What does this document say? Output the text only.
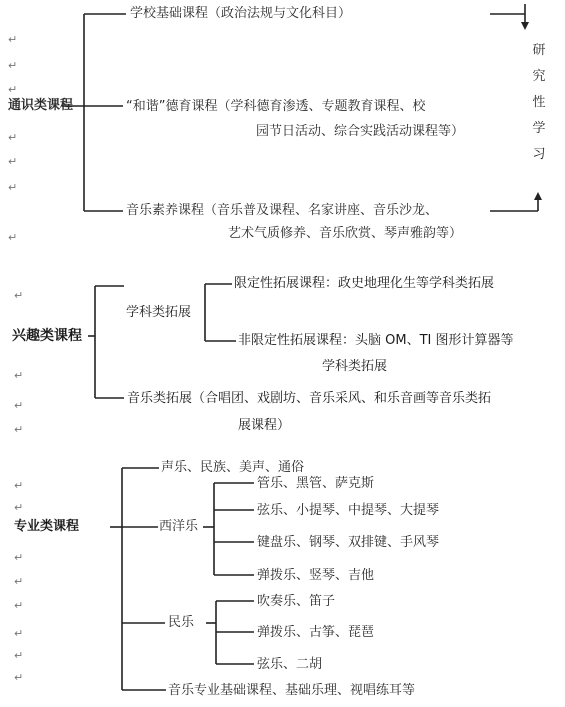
通识类课程
学校基础课程（政治法规与文化科目）
“和谐”德育课程（学科德育渗透、专题教育课程、校
园节日活动、综合实践活动课程等）
音乐素养课程（音乐普及课程、名家讲座、音乐沙龙、
艺术气质修养、音乐欣赏、琴声雅韵等）
研
究
性
学
习
兴趣类课程
学科类拓展
限定性拓展课程：政史地理化生等学科类拓展
非限定性拓展课程：头脑 OM、TI 图形计算器等
学科类拓展
音乐类拓展（合唱团、戏剧坊、音乐采风、和乐音画等音乐类拓
展课程）
专业类课程
声乐、民族、美声、通俗
西洋乐
管乐、黑管、萨克斯
弦乐、小提琴、中提琴、大提琴
键盘乐、钢琴、双排键、手风琴
弹拨乐、竖琴、吉他
民乐
吹奏乐、笛子
弹拨乐、古筝、琵琶
弦乐、二胡
音乐专业基础课程、基础乐理、视唱练耳等
↵
↵
↵
↵
↵
↵
↵
↵
↵
↵
↵
↵
↵
↵
↵
↵
↵
↵
↵
